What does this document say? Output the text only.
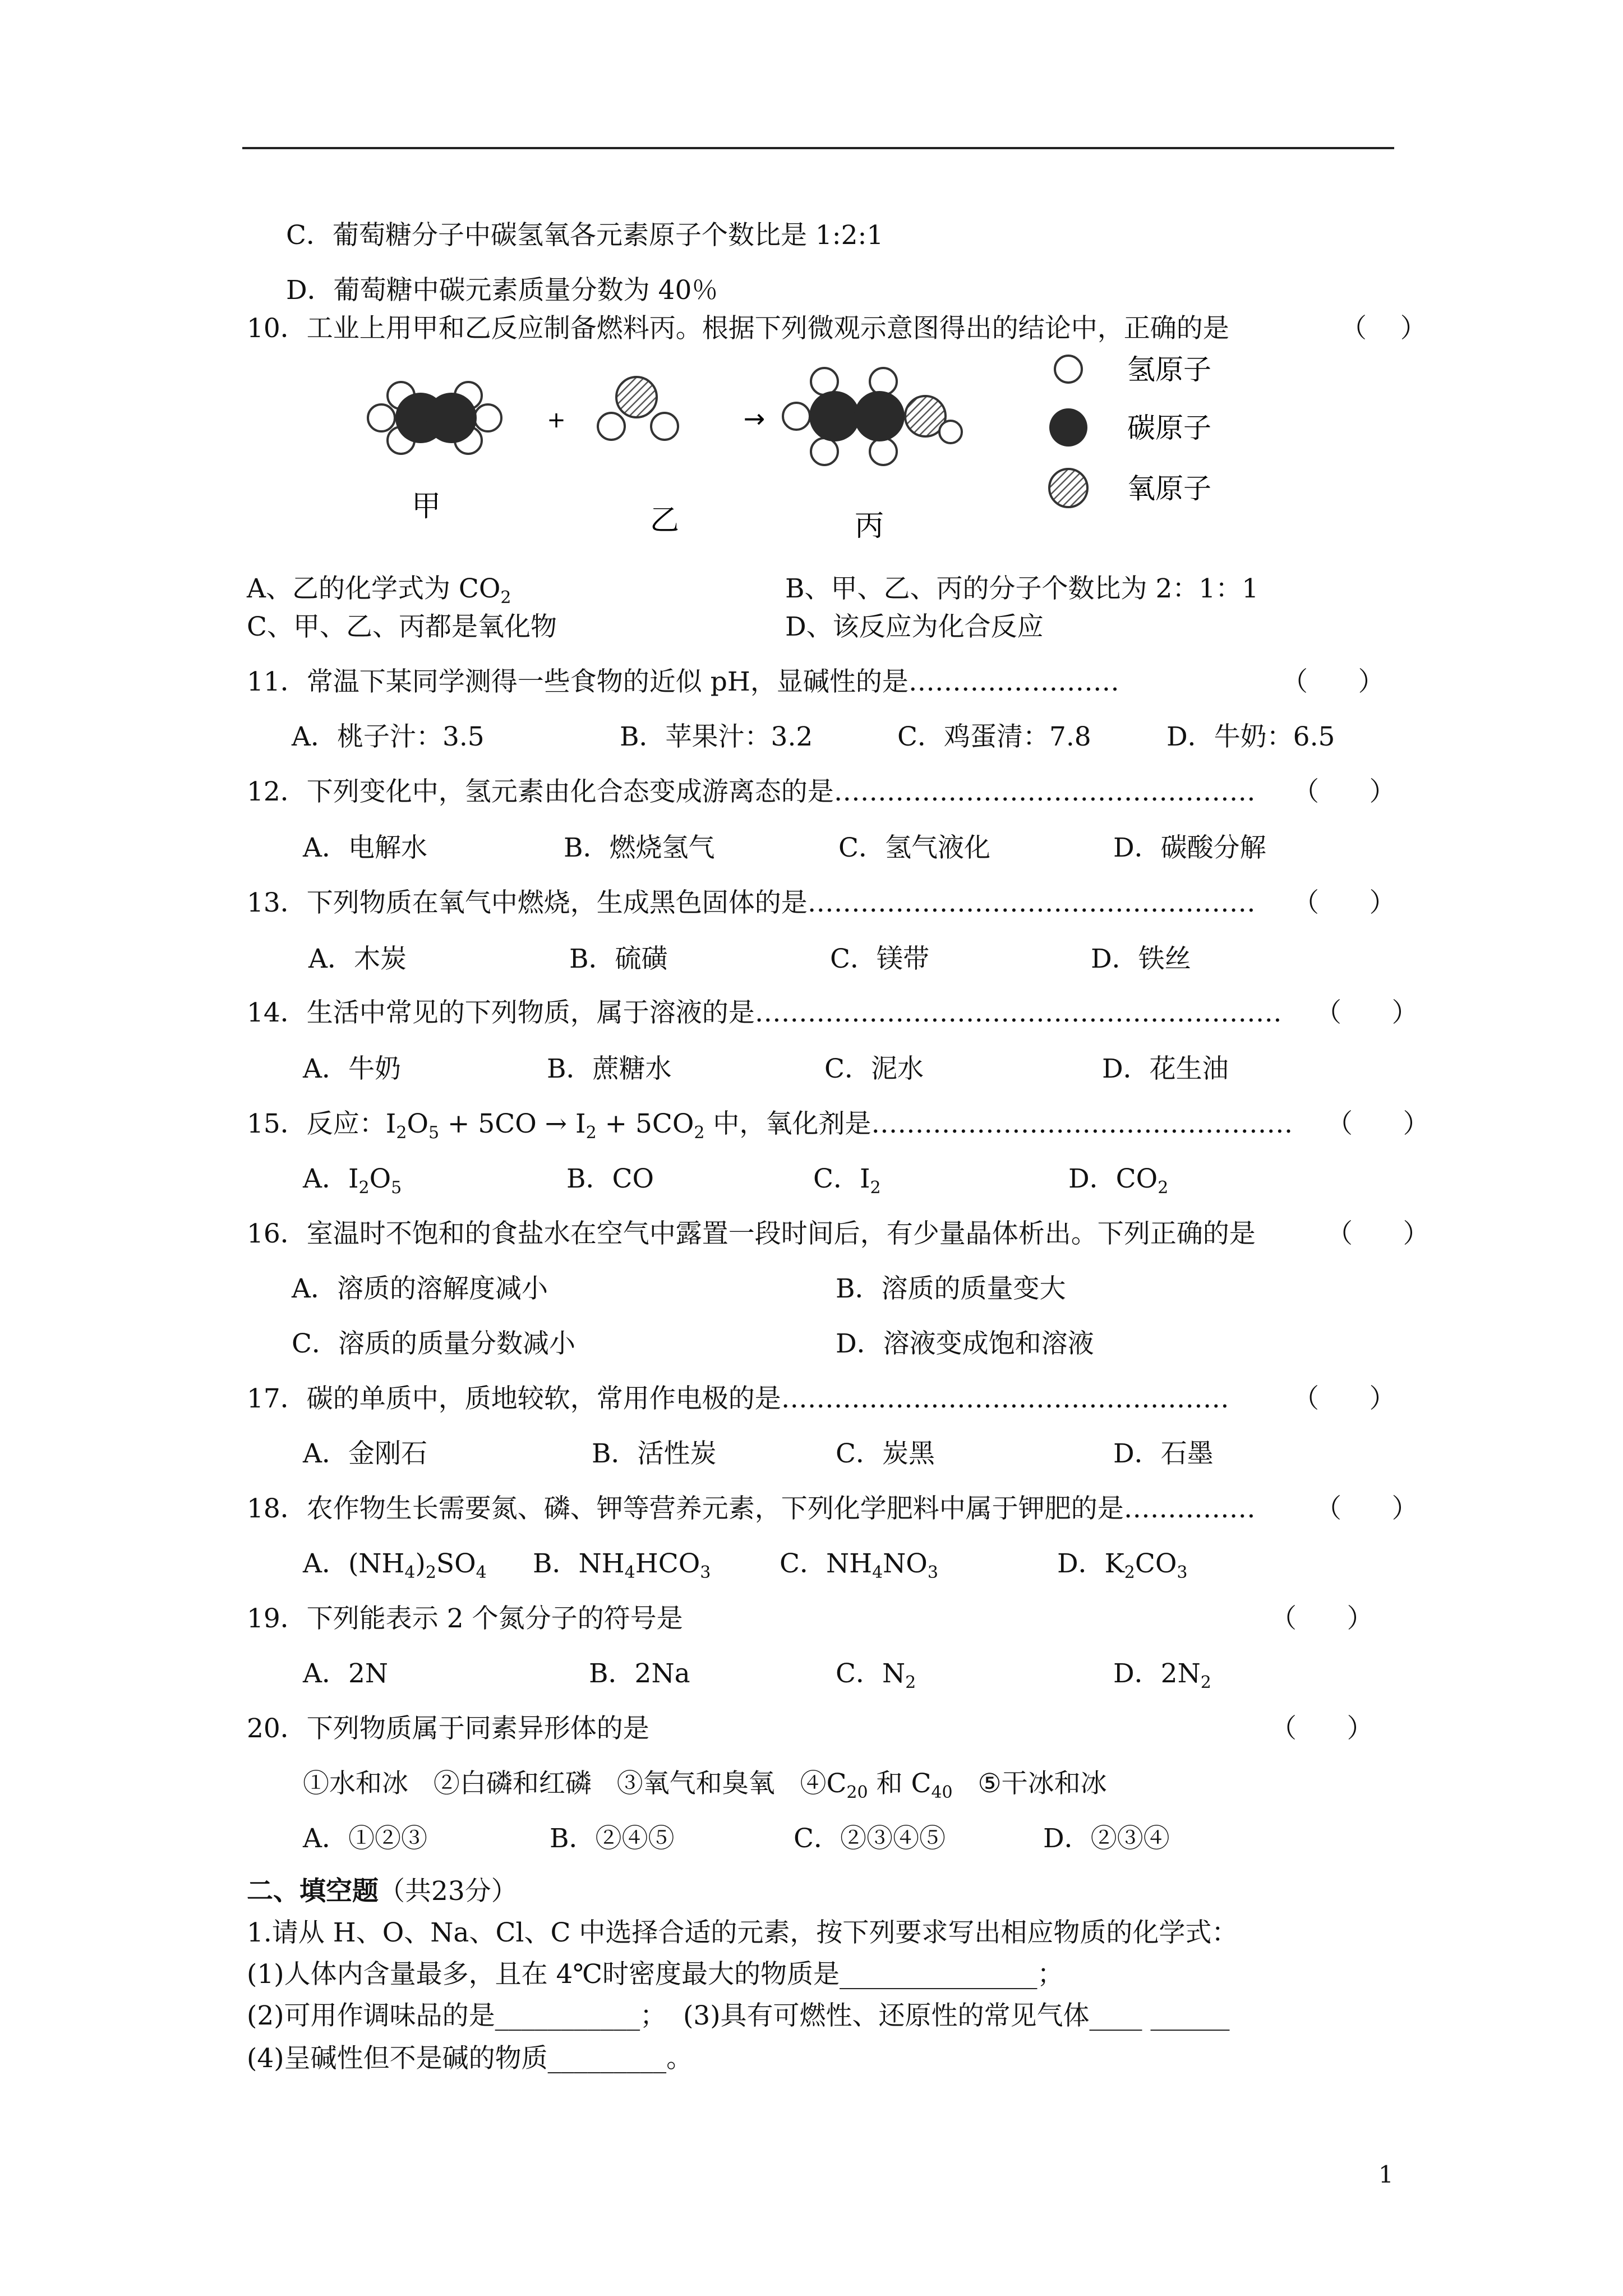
C．葡萄糖分子中碳氢氧各元素原子个数比是 1:2:1
D．葡萄糖中碳元素质量分数为 40％
10．工业上用甲和乙反应制备燃料丙。根据下列微观示意图得出的结论中，正确的是	（    ）
甲
+
乙
→
丙
氢原子
碳原子
氧原子
A、乙的化学式为 $CO_2$	B、甲、乙、丙的分子个数比为 2：1：1
C、甲、乙、丙都是氧化物	D、该反应为化合反应
11．常温下某同学测得一些食物的近似 pH，显碱性的是……………………	（      ）
A．桃子汁：3.5	B．苹果汁：3.2	C．鸡蛋清：7.8	D．牛奶：6.5
12．下列变化中，氢元素由化合态变成游离态的是………………………………………… （      ）
A．电解水	B．燃烧氢气	C．氢气液化	D．碳酸分解
13．下列物质在氧气中燃烧，生成黑色固体的是…………………………………………… （      ）
A．木炭	B．硫磺	C．镁带	D．铁丝
14．生活中常见的下列物质，属于溶液的是…………………………………………………… （      ）
A．牛奶	B．蔗糖水	C．泥水	D．花生油
15．反应：$I_2O_5 + 5CO \to I_2 + 5CO_2$ 中，氧化剂是………………………………………… （      ）
A．$I_2O_5$	B．CO	C．$I_2$	D．$CO_2$
16．室温时不饱和的食盐水在空气中露置一段时间后，有少量晶体析出。下列正确的是	（      ）
A．溶质的溶解度减小	B．溶质的质量变大
C．溶质的质量分数减小	D．溶液变成饱和溶液
17．碳的单质中，质地较软，常用作电极的是…………………………………………… （      ）
A．金刚石	B．活性炭	C．炭黑	D．石墨
18．农作物生长需要氮、磷、钾等营养元素，下列化学肥料中属于钾肥的是…………… （      ）
A．$(NH_4)_2SO_4$ B．$NH_4HCO_3$	C．$NH_4NO_3$	D．$K_2CO_3$
19．下列能表示 2 个氮分子的符号是	（      ）
A．2N	B．2Na	C．$N_2$	D．$2N_2$
20．下列物质属于同素异形体的是	（      ）
①水和冰   ②白磷和红磷   ③氧气和臭氧   $④C_{20}$ 和 $C_{40}$   ⑤干冰和冰
A．①②③	B．②④⑤	C．②③④⑤	D．②③④
二、填空题（共23分）
1.请从 H、O、Na、Cl、C 中选择合适的元素，按下列要求写出相应物质的化学式：
(1)人体内含量最多，且在 4℃时密度最大的物质是_______________；
(2)可用作调味品的是___________；  (3)具有可燃性、还原性的常见气体____ ______
(4)呈碱性但不是碱的物质_________。
1
